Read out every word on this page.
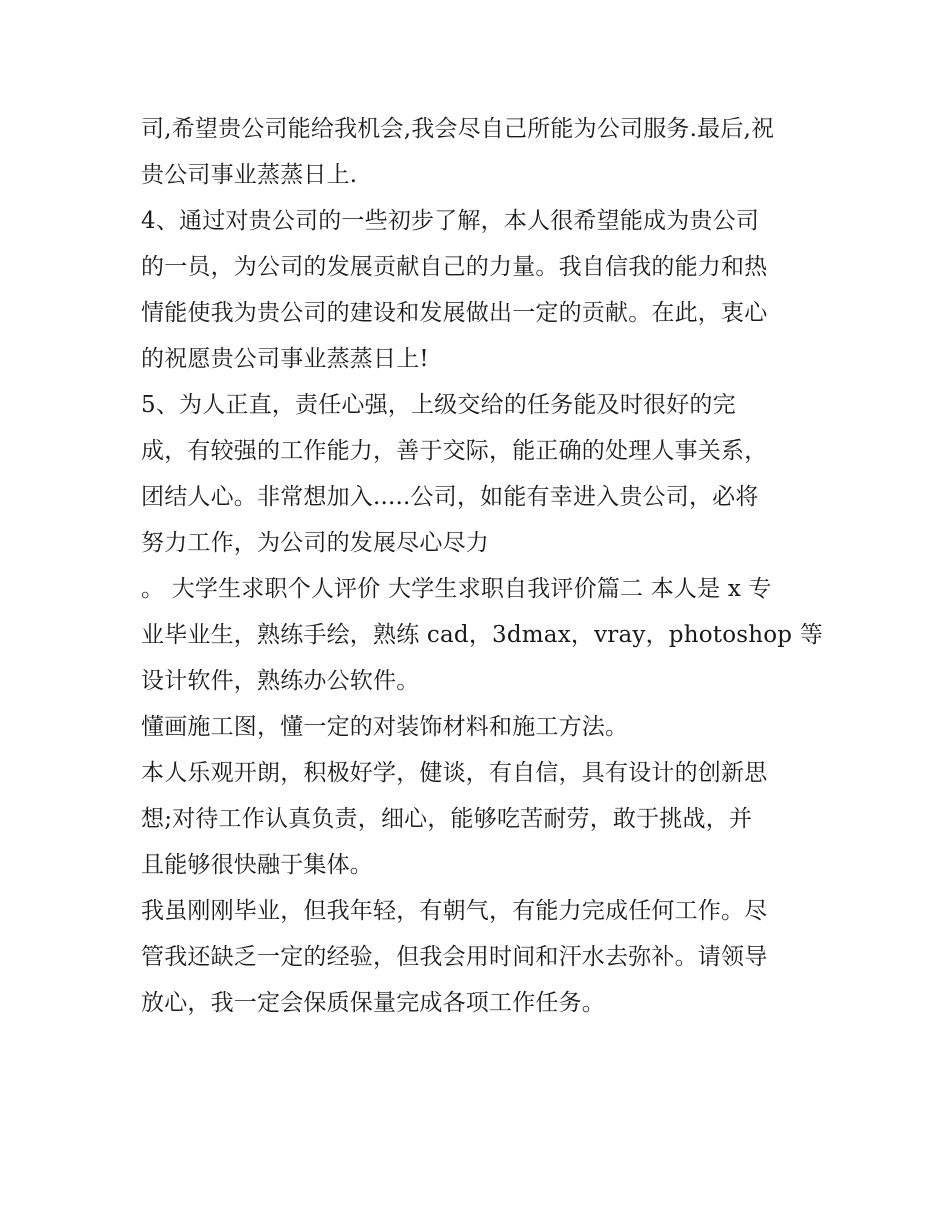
司,希望贵公司能给我机会,我会尽自己所能为公司服务.最后,祝
贵公司事业蒸蒸日上.
4、通过对贵公司的一些初步了解，本人很希望能成为贵公司
的一员，为公司的发展贡献自己的力量。我自信我的能力和热
情能使我为贵公司的建设和发展做出一定的贡献。在此，衷心
的祝愿贵公司事业蒸蒸日上!
5、为人正直，责任心强，上级交给的任务能及时很好的完
成，有较强的工作能力，善于交际，能正确的处理人事关系，
团结人心。非常想加入.....公司，如能有幸进入贵公司，必将
努力工作，为公司的发展尽心尽力
。 大学生求职个人评价 大学生求职自我评价篇二 本人是 x 专
业毕业生，熟练手绘，熟练 cad，3dmax，vray，photoshop 等
设计软件，熟练办公软件。
懂画施工图，懂一定的对装饰材料和施工方法。
本人乐观开朗，积极好学，健谈，有自信，具有设计的创新思
想;对待工作认真负责，细心，能够吃苦耐劳，敢于挑战，并
且能够很快融于集体。
我虽刚刚毕业，但我年轻，有朝气，有能力完成任何工作。尽
管我还缺乏一定的经验，但我会用时间和汗水去弥补。请领导
放心，我一定会保质保量完成各项工作任务。
